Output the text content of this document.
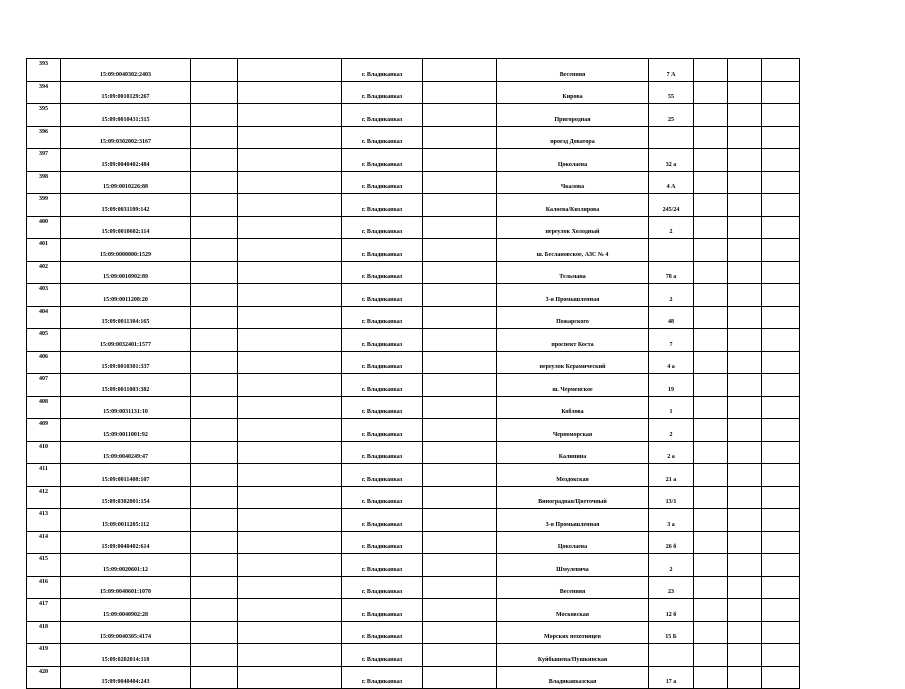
393	15:09:0040302:2403			г. Владикавказ		Весенняя	7 А			
394	15:09:0010129:267			г. Владикавказ		Кирова	55			
395	15:09:0010431:315			г. Владикавказ		Пригородная	25			
396	15:09:0302002:3167			г. Владикавказ		проезд Доваторa				
397	15:09:0040402:484			г. Владикавказ		Цоколаева	32 а			
398	15:09:0010226:88			г. Владикавказ		Чкалова	4 А			
399	15:09:0031109:142			г. Владикавказ		Калоева/Кизлярова	245/24			
400	15:09:0010602:114			г. Владикавказ		переулок Холодный	2			
401	15:09:0000000:1529			г. Владикавказ		ш. Беслановское, АЗС № 4				
402	15:09:0010902:89			г. Владикавказ		Тельмана	78 а			
403	15:09:0011208:20			г. Владикавказ		3-я Промышленная	2			
404	15:09:0011304:165			г. Владикавказ		Пожарского	48			
405	15:09:0032401:1577			г. Владикавказ		проспект Коста	7			
406	15:09:0010301:337			г. Владикавказ		переулок Керамический	4 а			
407	15:09:0011003:382			г. Владикавказ		ш. Черменское	19			
408	15:09:0031131:10			г. Владикавказ		Коблова	1			
409	15:09:0011001:92			г. Владикавказ		Черноморская	2			
410	15:09:0040249:47			г. Владикавказ		Калинина	2 а			
411	15:09:0011408:107			г. Владикавказ		Моздокская	21 а			
412	15:09:0302001:154			г. Владикавказ		Виноградная/Цветочный	13/1			
413	15:09:0011205:112			г. Владикавказ		3-я Промышленная	3 а			
414	15:09:0040402:614			г. Владикавказ		Цоколаева	26 б			
415	15:09:0020601:12			г. Владикавказ		Шмулевича	2			
416	15:09:0040601:1070			г. Владикавказ		Весенняя	23			
417	15:09:0040902:28			г. Владикавказ		Московская	12 б			
418	15:09:0040305:4174			г. Владикавказ		Морских пехотинцев	15 Б			
419	15:09:0202014:118			г. Владикавказ		Куйбышева/Пушкинская				
420	15:09:0040404:243			г. Владикавказ		Владикавказская	17 а			
